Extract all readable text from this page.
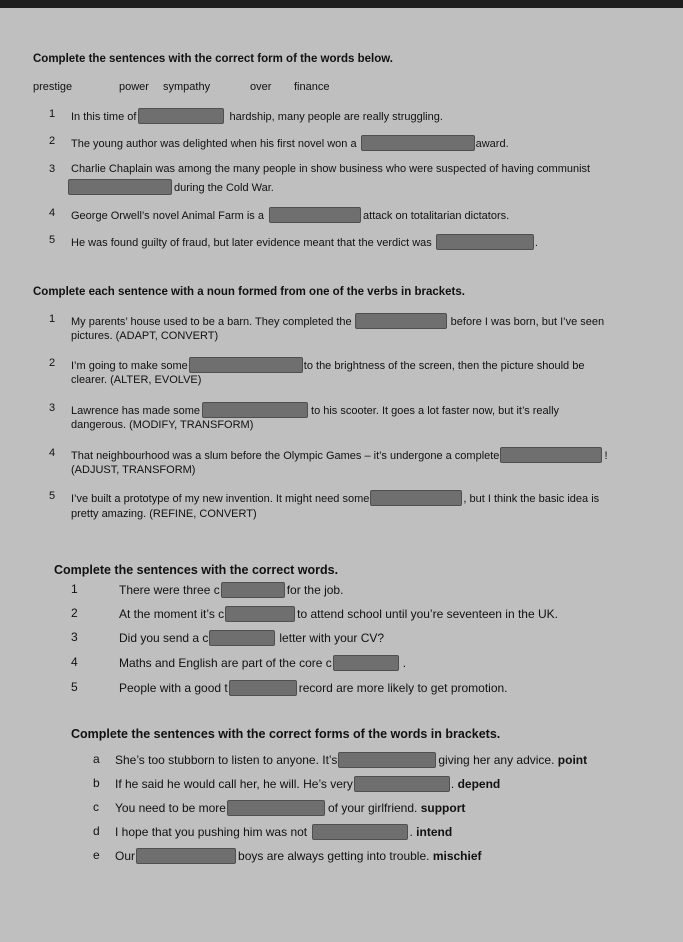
Complete the sentences with the correct form of the words below.
prestige	power sympathy	over finance
1 In this time of	hardship, many people are really struggling.
2 The young author was delighted when his first novel won a	award.
3 Charlie Chaplain was among the many people in show business who were suspected of having communist
during the Cold War.
4 George Orwell’s novel Animal Farm is a	attack on totalitarian dictators.
5 He was found guilty of fraud, but later evidence meant that the verdict was	.
Complete each sentence with a noun formed from one of the verbs in brackets.
1 My parents’ house used to be a barn. They completed the	before I was born, but I’ve seen
pictures. (ADAPT, CONVERT)
2 I’m going to make some	to the brightness of the screen, then the picture should be
clearer. (ALTER, EVOLVE)
3 Lawrence has made some	to his scooter. It goes a lot faster now, but it’s really
dangerous. (MODIFY, TRANSFORM)
4 That neighbourhood was a slum before the Olympic Games – it’s undergone a complete	!
(ADJUST, TRANSFORM)
5 I’ve built a prototype of my new invention. It might need some	, but I think the basic idea is
pretty amazing. (REFINE, CONVERT)
Complete the sentences with the correct words.
1	There were three c	for the job.
2	At the moment it’s c	to attend school until you’re seventeen in the UK.
3	Did you send a c	letter with your CV?
4	Maths and English are part of the core c	.
5	People with a good t	record are more likely to get promotion.
Complete the sentences with the correct forms of the words in brackets.
a She’s too stubborn to listen to anyone. It’s	giving her any advice. point
b If he said he would call her, he will. He’s very	. depend
c You need to be more	of your girlfriend. support
d I hope that you pushing him was not	. intend
e Our	boys are always getting into trouble. mischief
